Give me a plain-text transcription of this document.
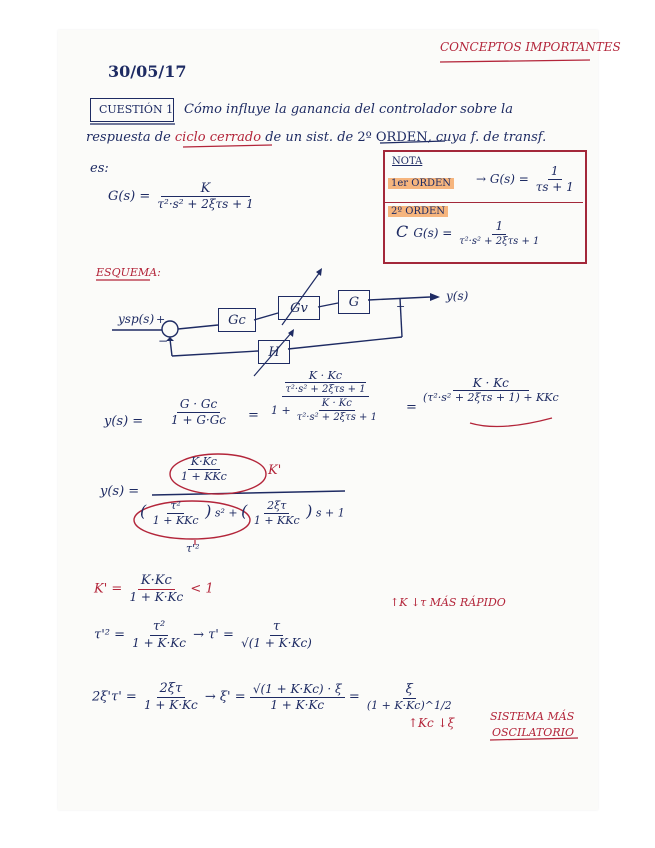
CONCEPTOS IMPORTANTES
30/05/17
CUESTIÓN 1 Cómo influye la ganancia del controlador sobre la
respuesta de ciclo cerrado de un sist. de 2º ORDEN, cuya f. de transf.
es:
$G(s) = \frac{K}{\text{τ²·s² + 2ξτs + 1}}$
NOTA
1er ORDEN → $G(s) = \frac{1}{\tau s + 1}$
2º ORDEN
C $G(s) = \frac{1}{\text{τ²·s² + 2ξτs + 1}}$
ESQUEMA:
ysp(s) +
−
Gc
Gv	G
H
−
y(s)
$y(s) = \frac{G \cdot Gc}{1 + G\cdot Gc} = K \cdot Kc$
τ²·s² + 2ξτs + 1
$1 + \frac{K \cdot Kc}{\text{τ²·s² + 2ξτs + 1}}$ =
$\frac{K \cdot Kc}{\text{(τ²·s² + 2ξτs + 1) + KKc}}$
y(s) =
$\frac{K\cdot Kc}{\text{1 + KKc}}$	K'
( $\frac{\text{τ²}}{\text{1 + KKc}}$ ) s² + ( $\frac{2\xi\tau}{\text{1 + KKc}}$ ) s + 1
τ'²
$K' = \frac{K\cdot Kc}{1 + K\cdot Kc} < 1$
$\tau'^2 = \frac{\text{τ²}}{1 + K\cdot Kc} \to \tau' = \frac{\tau}{√(1 + K\cdot Kc)}$
↑K ↓τ MÁS RÁPIDO
$2\xi'\tau' = \frac{2\xi\tau}{1 + K\cdot Kc} \to \xi' = \frac{√(1 + K\cdot Kc) \cdot \xi}{1 + K\cdot Kc} = \frac{\xi}{(1 + K\cdot Kc)\^{}1/2}$
↑Kc ↓ξ	SISTEMA MÁS
OSCILATORIO
